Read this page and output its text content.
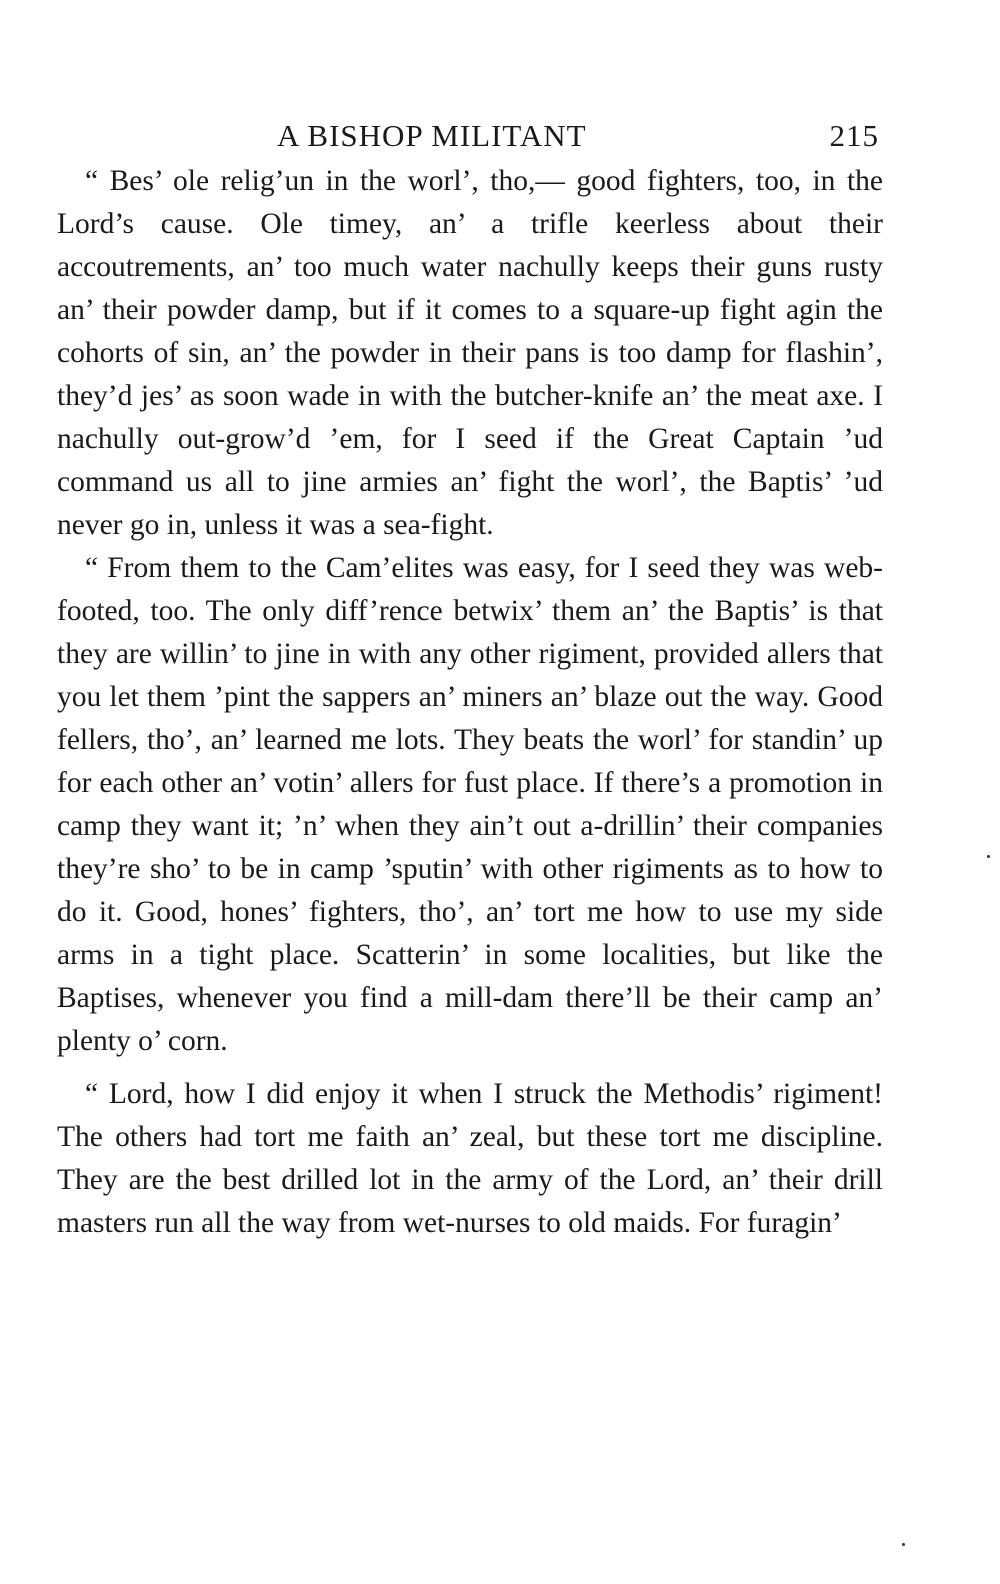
A BISHOP MILITANT	215

“ Bes’ ole relig’un in the worl’, tho,— good fighters, too, in the Lord’s cause. Ole timey, an’ a trifle keerless about their accoutrements, an’ too much water nachully keeps their guns rusty an’ their powder damp, but if it comes to a square-up fight agin the cohorts of sin, an’ the powder in their pans is too damp for flashin’, they’d jes’ as soon wade in with the butcher-knife an’ the meat axe. I nachully out-grow’d ’em, for I seed if the Great Captain ’ud command us all to jine armies an’ fight the worl’, the Baptis’ ’ud never go in, unless it was a sea-fight.

“ From them to the Cam’elites was easy, for I seed they was web-footed, too. The only diff’rence betwix’ them an’ the Baptis’ is that they are willin’ to jine in with any other rigiment, provided allers that you let them ’pint the sappers an’ miners an’ blaze out the way. Good fellers, tho’, an’ learned me lots. They beats the worl’ for standin’ up for each other an’ votin’ allers for fust place. If there’s a promotion in camp they want it; ’n’ when they ain’t out a-drillin’ their companies they’re sho’ to be in camp ’sputin’ with other rigiments as to how to do it. Good, hones’ fighters, tho’, an’ tort me how to use my side arms in a tight place. Scatterin’ in some localities, but like the Baptises, whenever you find a mill-dam there’ll be their camp an’ plenty o’ corn.

“ Lord, how I did enjoy it when I struck the Methodis’ rigiment! The others had tort me faith an’ zeal, but these tort me discipline. They are the best drilled lot in the army of the Lord, an’ their drill masters run all the way from wet-nurses to old maids. For furagin’
